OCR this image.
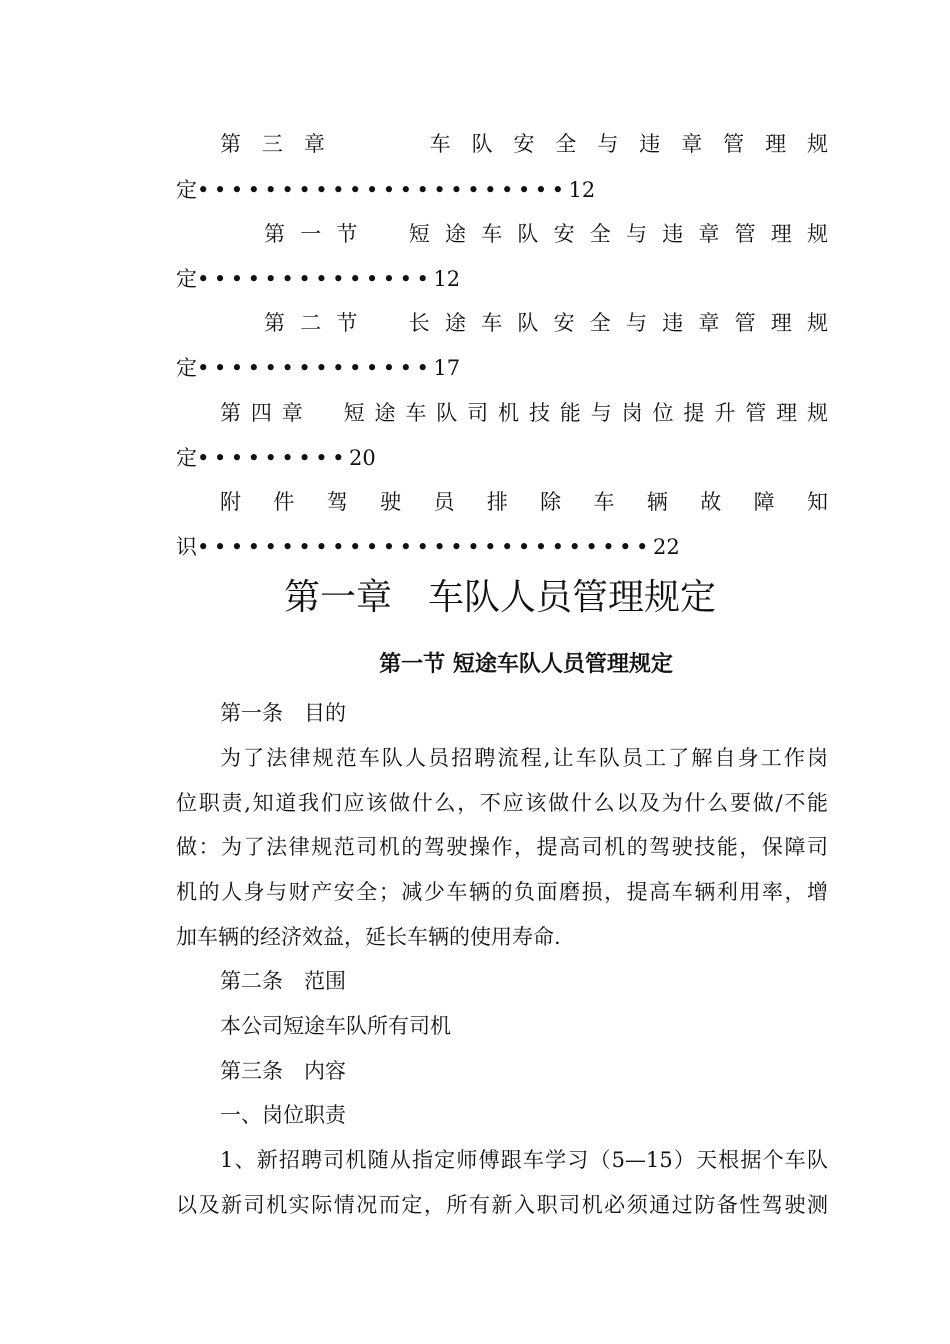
第三章　　车队安全与违章管理规
定••••••••••••••••••••••12
第一节　短途车队安全与违章管理规
定••••••••••••••12
第二节　长途车队安全与违章管理规
定••••••••••••••17
第四章　短途车队司机技能与岗位提升管理规
定•••••••••20
附件驾驶员排除车辆故障知
识•••••••••••••••••••••••••••22
第一章　车队人员管理规定
第一节 短途车队人员管理规定
第一条　目的
为了法律规范车队人员招聘流程,让车队员工了解自身工作岗
位职责,知道我们应该做什么，不应该做什么以及为什么要做/不能
做：为了法律规范司机的驾驶操作，提高司机的驾驶技能，保障司
机的人身与财产安全；减少车辆的负面磨损，提高车辆利用率，增
加车辆的经济效益，延长车辆的使用寿命.
第二条　范围
本公司短途车队所有司机
第三条　内容
一、岗位职责
1、新招聘司机随从指定师傅跟车学习（5—15）天根据个车队
以及新司机实际情况而定，所有新入职司机必须通过防备性驾驶测
